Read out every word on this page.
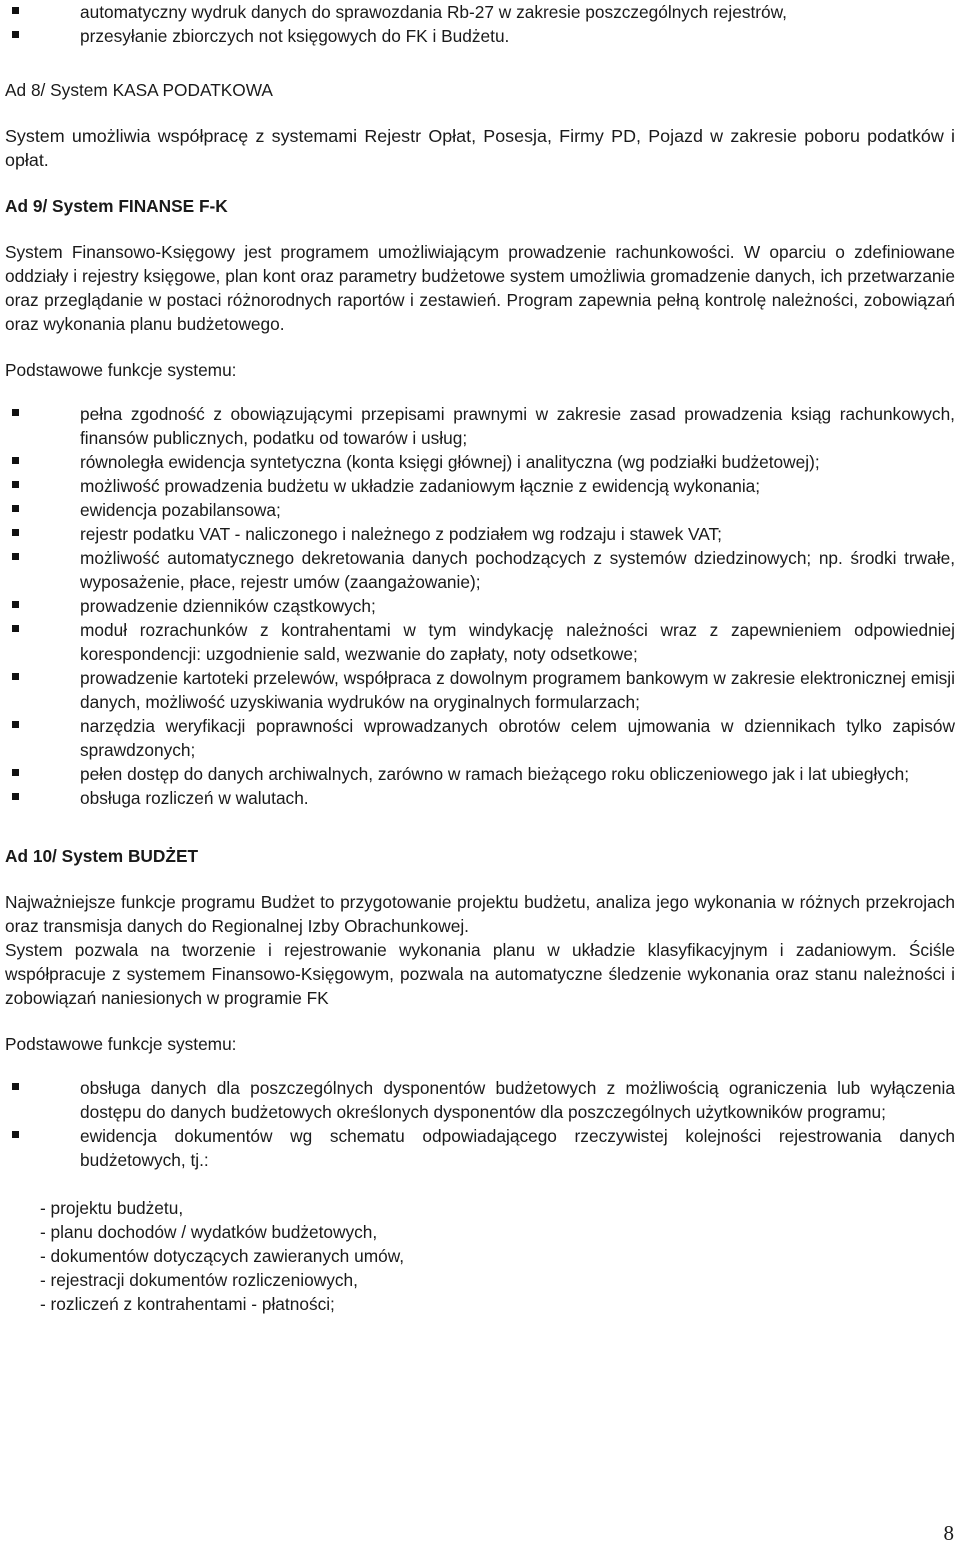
automatyczny wydruk danych do sprawozdania Rb-27 w zakresie poszczególnych rejestrów,
przesyłanie zbiorczych not księgowych do FK i Budżetu.

Ad 8/ System KASA PODATKOWA

System umożliwia współpracę z systemami Rejestr Opłat, Posesja, Firmy PD, Pojazd w zakresie poboru podatków i opłat.

Ad 9/ System FINANSE F-K

System Finansowo-Księgowy jest programem umożliwiającym prowadzenie rachunkowości. W oparciu o zdefiniowane oddziały i rejestry księgowe, plan kont oraz parametry budżetowe system umożliwia gromadzenie danych, ich przetwarzanie oraz przeglądanie w postaci różnorodnych raportów i zestawień. Program zapewnia pełną kontrolę należności, zobowiązań oraz wykonania planu budżetowego.

Podstawowe funkcje systemu:

pełna zgodność z obowiązującymi przepisami prawnymi w zakresie zasad prowadzenia ksiąg rachunkowych, finansów publicznych, podatku od towarów i usług;
równoległa ewidencja syntetyczna (konta księgi głównej) i analityczna (wg podziałki budżetowej);
możliwość prowadzenia budżetu w układzie zadaniowym łącznie z ewidencją wykonania;
ewidencja pozabilansowa;
rejestr podatku VAT - naliczonego i należnego z podziałem wg rodzaju i stawek VAT;
możliwość automatycznego dekretowania danych pochodzących z systemów dziedzinowych; np. środki trwałe, wyposażenie, płace, rejestr umów (zaangażowanie);
prowadzenie dzienników cząstkowych;
moduł rozrachunków z kontrahentami w tym windykację należności wraz z zapewnieniem odpowiedniej korespondencji: uzgodnienie sald, wezwanie do zapłaty, noty odsetkowe;
prowadzenie kartoteki przelewów, współpraca z dowolnym programem bankowym w zakresie elektronicznej emisji danych, możliwość uzyskiwania wydruków na oryginalnych formularzach;
narzędzia weryfikacji poprawności wprowadzanych obrotów celem ujmowania w dziennikach tylko zapisów sprawdzonych;
pełen dostęp do danych archiwalnych, zarówno w ramach bieżącego roku obliczeniowego jak i lat ubiegłych;
obsługa rozliczeń w walutach.

Ad 10/ System BUDŻET

Najważniejsze funkcje programu Budżet to przygotowanie projektu budżetu, analiza jego wykonania w różnych przekrojach oraz transmisja danych do Regionalnej Izby Obrachunkowej.

System pozwala na tworzenie i rejestrowanie wykonania planu w układzie klasyfikacyjnym i zadaniowym. Ściśle współpracuje z systemem Finansowo-Księgowym, pozwala na automatyczne śledzenie wykonania oraz stanu należności i zobowiązań naniesionych w programie FK

Podstawowe funkcje systemu:

obsługa danych dla poszczególnych dysponentów budżetowych z możliwością ograniczenia lub wyłączenia dostępu do danych budżetowych określonych dysponentów dla poszczególnych użytkowników programu;
ewidencja dokumentów wg schematu odpowiadającego rzeczywistej kolejności rejestrowania danych budżetowych, tj.:
- projektu budżetu,
- planu dochodów / wydatków budżetowych,
- dokumentów dotyczących zawieranych umów,
- rejestracji dokumentów rozliczeniowych,
- rozliczeń z kontrahentami - płatności;
8
